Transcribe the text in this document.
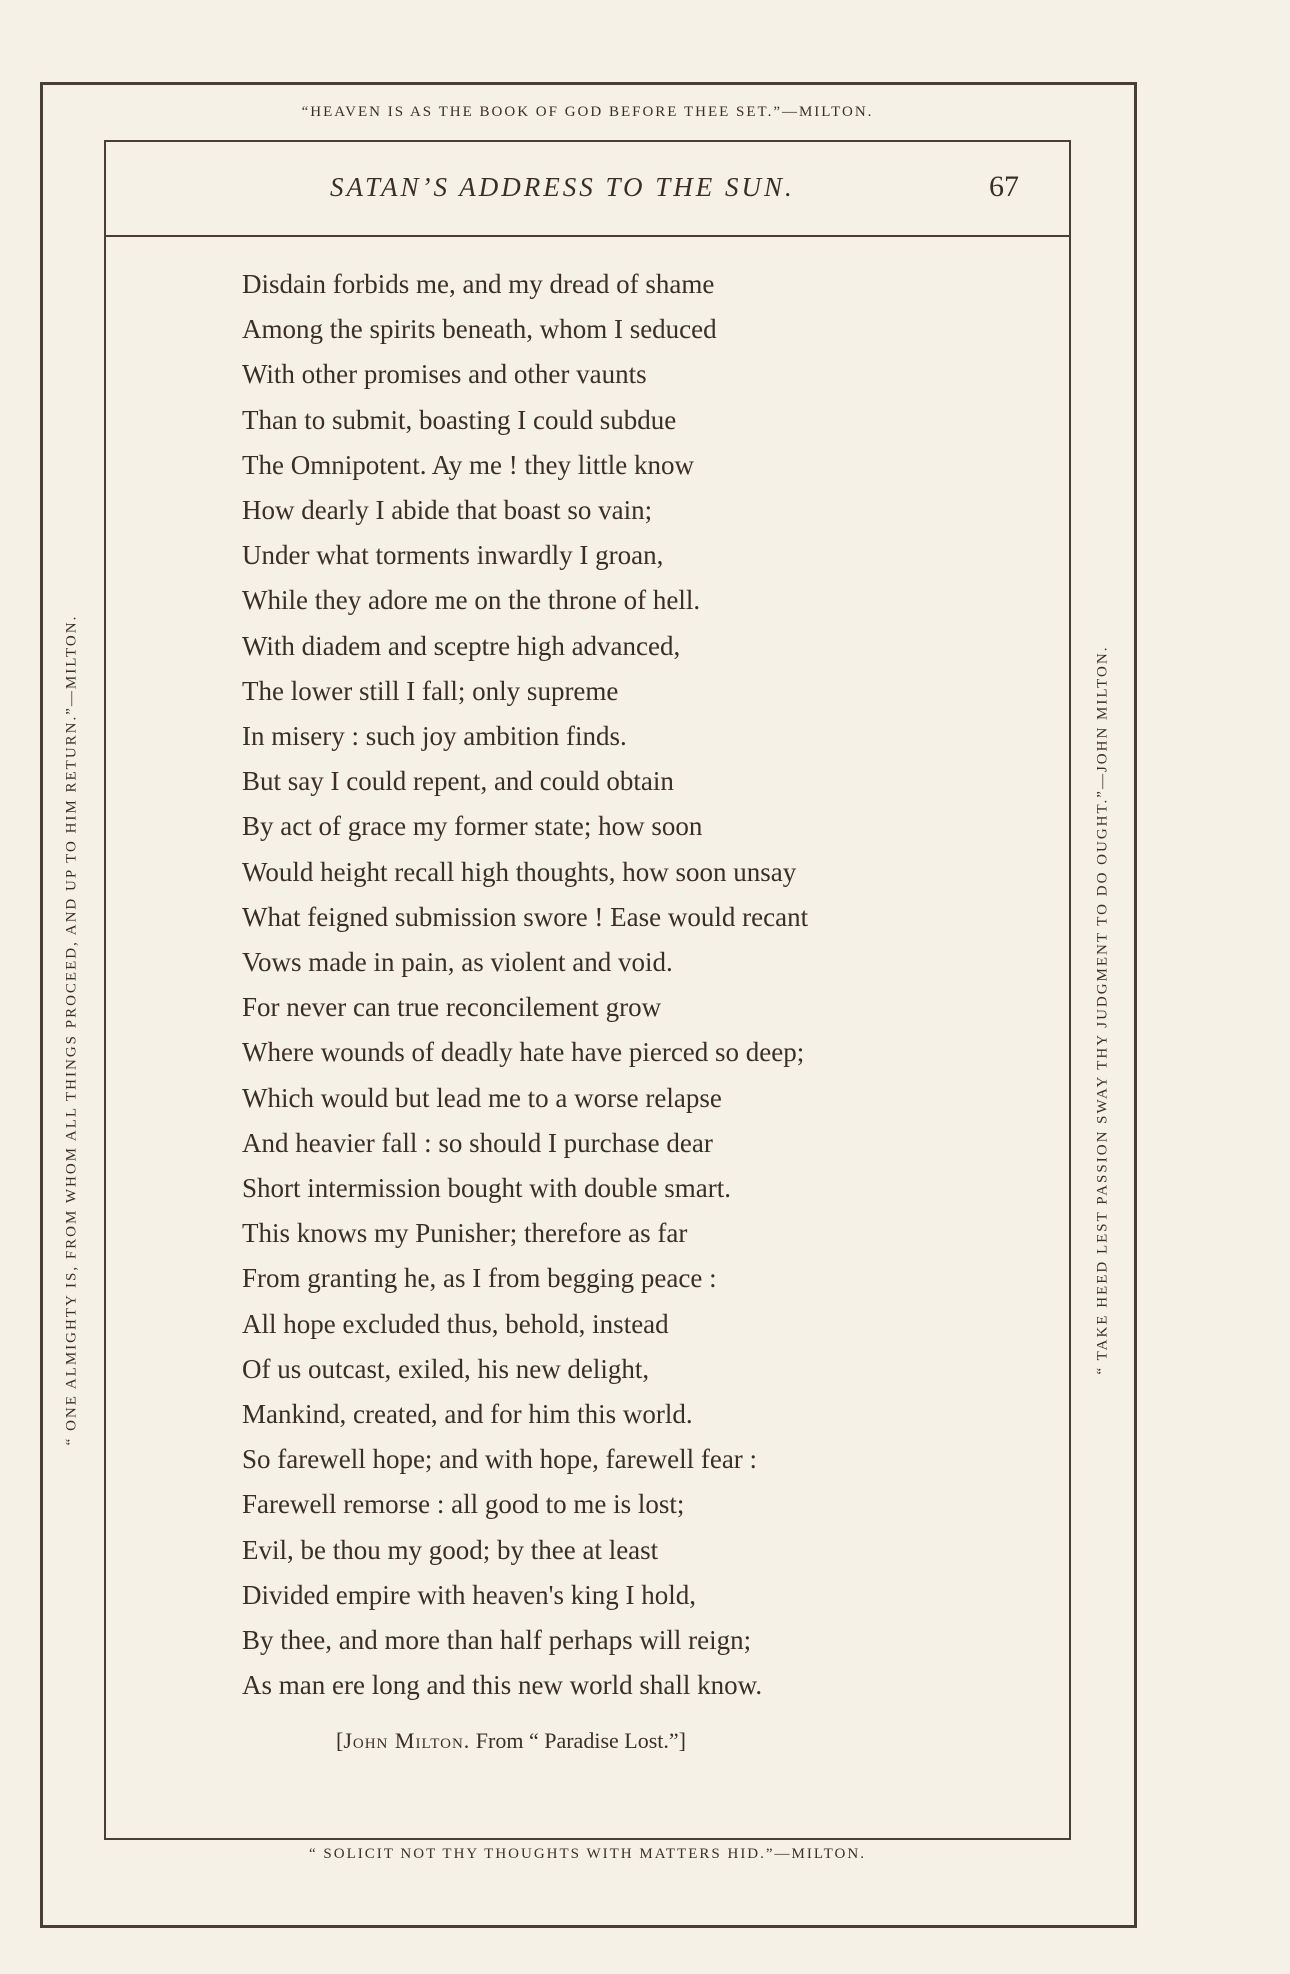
“HEAVEN IS AS THE BOOK OF GOD BEFORE THEE SET.”—MILTON.
“ ONE ALMIGHTY IS, FROM WHOM ALL THINGS PROCEED, AND UP TO HIM RETURN.”—MILTON.	“ TAKE HEED LEST PASSION SWAY THY JUDGMENT TO DO OUGHT.”—JOHN MILTON.
SATAN’S ADDRESS TO THE SUN.	67
Disdain forbids me, and my dread of shame
Among the spirits beneath, whom I seduced
With other promises and other vaunts
Than to submit, boasting I could subdue
The Omnipotent. Ay me ! they little know
How dearly I abide that boast so vain;
Under what torments inwardly I groan,
While they adore me on the throne of hell.
With diadem and sceptre high advanced,
The lower still I fall; only supreme
In misery : such joy ambition finds.
But say I could repent, and could obtain
By act of grace my former state; how soon
Would height recall high thoughts, how soon unsay
What feigned submission swore ! Ease would recant
Vows made in pain, as violent and void.
For never can true reconcilement grow
Where wounds of deadly hate have pierced so deep;
Which would but lead me to a worse relapse
And heavier fall : so should I purchase dear
Short intermission bought with double smart.
This knows my Punisher; therefore as far
From granting he, as I from begging peace :
All hope excluded thus, behold, instead
Of us outcast, exiled, his new delight,
Mankind, created, and for him this world.
So farewell hope; and with hope, farewell fear :
Farewell remorse : all good to me is lost;
Evil, be thou my good; by thee at least
Divided empire with heaven's king I hold,
By thee, and more than half perhaps will reign;
As man ere long and this new world shall know.
[John Milton. From “ Paradise Lost.”]
“ SOLICIT NOT THY THOUGHTS WITH MATTERS HID.”—MILTON.
